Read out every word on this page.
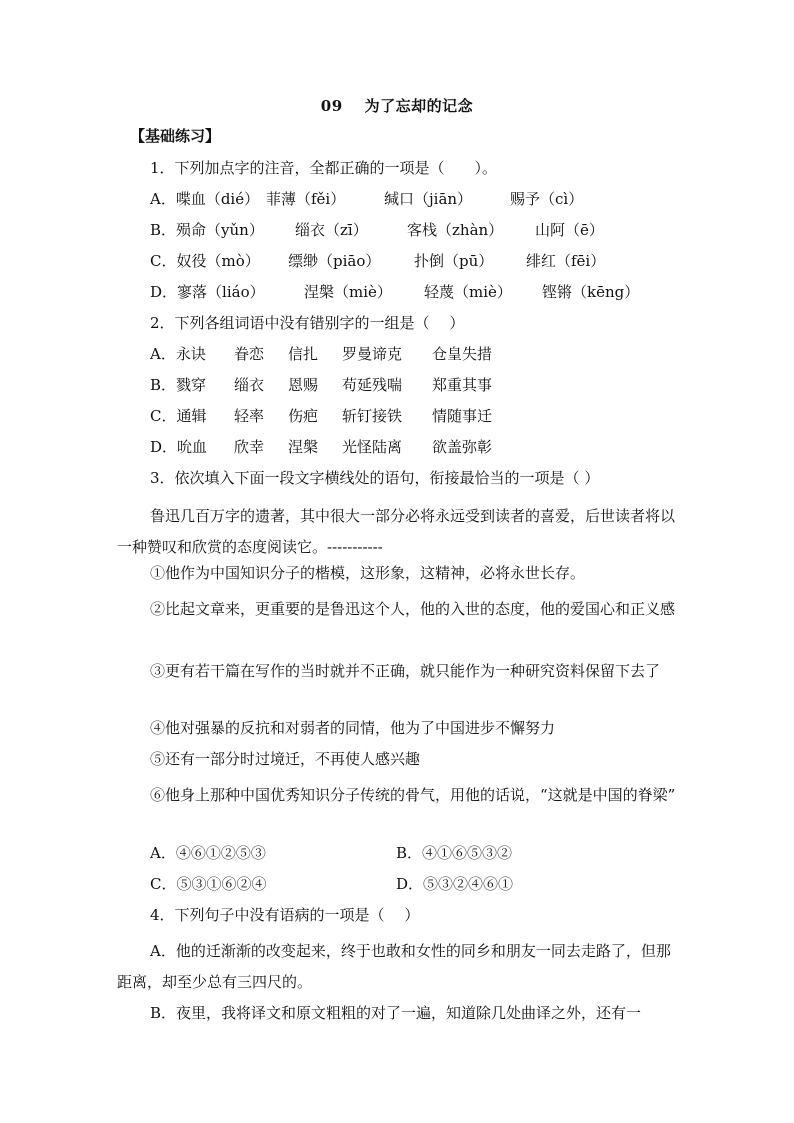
09 为了忘却的记念
【基础练习】
1．下列加点字的注音，全都正确的一项是（　　）。
A．喋血（dié） 菲薄（fěi）	缄口（jiān）	赐予（cì）
B．殒命（yǔn） 缁衣（zī）	客栈（zhàn） 山阿（ē）
C．奴役（mò） 缥缈（piāo） 扑倒（pū） 绯红（fēi）
D．寥落（liáo）	涅槃（miè） 轻蔑（miè） 铿锵（kēng）
2．下列各组词语中没有错别字的一组是（　 ）
A．永诀 眷恋 信扎 罗曼谛克 仓皇失措
B．戮穿 缁衣 恩赐 苟延残喘 郑重其事
C．通辑 轻率 伤疤 斩钉接铁 情随事迁
D．吮血 欣幸 涅槃 光怪陆离 欲盖弥彰
3．依次填入下面一段文字横线处的语句，衔接最恰当的一项是（ ）
鲁迅几百万字的遗著，其中很大一部分必将永远受到读者的喜爱，后世读者将以一种赞叹和欣赏的态度阅读它。-----------
①他作为中国知识分子的楷模，这形象，这精神，必将永世长存。
②比起文章来，更重要的是鲁迅这个人，他的入世的态度，他的爱国心和正义感
③更有若干篇在写作的当时就并不正确，就只能作为一种研究资料保留下去了
④他对强暴的反抗和对弱者的同情，他为了中国进步不懈努力
⑤还有一部分时过境迁，不再使人感兴趣
⑥他身上那种中国优秀知识分子传统的骨气，用他的话说，“这就是中国的脊梁”
A．④⑥①②⑤③	B．④①⑥⑤③②
C．⑤③①⑥②④	D．⑤③②④⑥①
4．下列句子中没有语病的一项是（　 ）
A．他的迁渐渐的改变起来，终于也敢和女性的同乡和朋友一同去走路了，但那距离，却至少总有三四尺的。
B．夜里，我将译文和原文粗粗的对了一遍，知道除几处曲译之外，还有一
